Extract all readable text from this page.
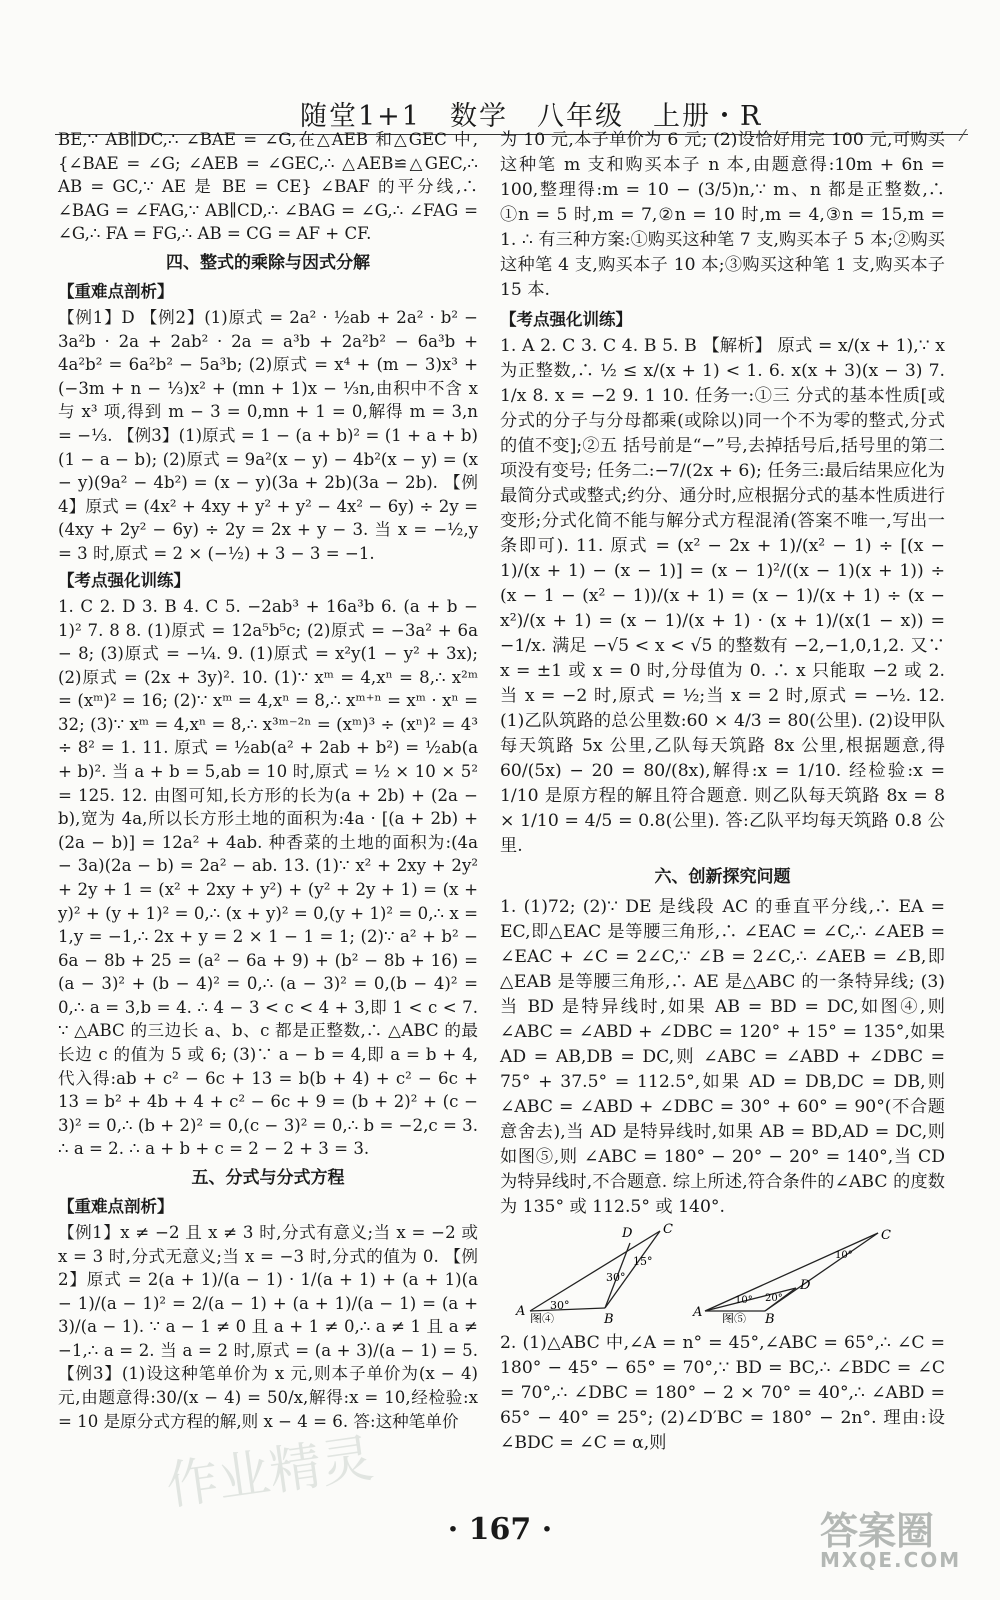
随堂1+1　数学　八年级　上册・R
⁄

BE,∵ AB∥DC,∴ ∠BAE = ∠G,在△AEB 和△GEC 中,{∠BAE = ∠G; ∠AEB = ∠GEC,∴ △AEB≌△GEC,∴ AB = GC,∵ AE 是 BE = CE} ∠BAF 的平分线,∴ ∠BAG = ∠FAG,∵ AB∥CD,∴ ∠BAG = ∠G,∴ ∠FAG = ∠G,∴ FA = FG,∴ AB = CG = AF + CF.

四、整式的乘除与因式分解

【重难点剖析】

【例1】D 【例2】(1)原式 = 2a² · ½ab + 2a² · b² − 3a²b · 2a + 2ab² · 2a = a³b + 2a²b² − 6a³b + 4a²b² = 6a²b² − 5a³b; (2)原式 = x⁴ + (m − 3)x³ + (−3m + n − ⅓)x² + (mn + 1)x − ⅓n,由积中不含 x 与 x³ 项,得到 m − 3 = 0,mn + 1 = 0,解得 m = 3,n = −⅓. 【例3】(1)原式 = 1 − (a + b)² = (1 + a + b)(1 − a − b); (2)原式 = 9a²(x − y) − 4b²(x − y) = (x − y)(9a² − 4b²) = (x − y)(3a + 2b)(3a − 2b). 【例4】原式 = (4x² + 4xy + y² + y² − 4x² − 6y) ÷ 2y = (4xy + 2y² − 6y) ÷ 2y = 2x + y − 3. 当 x = −½,y = 3 时,原式 = 2 × (−½) + 3 − 3 = −1.

【考点强化训练】

1. C 2. D 3. B 4. C 5. −2ab³ + 16a³b 6. (a + b − 1)² 7. 8 8. (1)原式 = 12a⁵b⁵c; (2)原式 = −3a² + 6a − 8; (3)原式 = −¼. 9. (1)原式 = x²y(1 − y² + 3x); (2)原式 = (2x + 3y)². 10. (1)∵ xᵐ = 4,xⁿ = 8,∴ x²ᵐ = (xᵐ)² = 16; (2)∵ xᵐ = 4,xⁿ = 8,∴ xᵐ⁺ⁿ = xᵐ · xⁿ = 32; (3)∵ xᵐ = 4,xⁿ = 8,∴ x³ᵐ⁻²ⁿ = (xᵐ)³ ÷ (xⁿ)² = 4³ ÷ 8² = 1. 11. 原式 = ½ab(a² + 2ab + b²) = ½ab(a + b)². 当 a + b = 5,ab = 10 时,原式 = ½ × 10 × 5² = 125. 12. 由图可知,长方形的长为(a + 2b) + (2a − b),宽为 4a,所以长方形土地的面积为:4a · [(a + 2b) + (2a − b)] = 12a² + 4ab. 种香菜的土地的面积为:(4a − 3a)(2a − b) = 2a² − ab. 13. (1)∵ x² + 2xy + 2y² + 2y + 1 = (x² + 2xy + y²) + (y² + 2y + 1) = (x + y)² + (y + 1)² = 0,∴ (x + y)² = 0,(y + 1)² = 0,∴ x = 1,y = −1,∴ 2x + y = 2 × 1 − 1 = 1; (2)∵ a² + b² − 6a − 8b + 25 = (a² − 6a + 9) + (b² − 8b + 16) = (a − 3)² + (b − 4)² = 0,∴ (a − 3)² = 0,(b − 4)² = 0,∴ a = 3,b = 4. ∴ 4 − 3 < c < 4 + 3,即 1 < c < 7. ∵ △ABC 的三边长 a、b、c 都是正整数,∴ △ABC 的最长边 c 的值为 5 或 6; (3)∵ a − b = 4,即 a = b + 4,代入得:ab + c² − 6c + 13 = b(b + 4) + c² − 6c + 13 = b² + 4b + 4 + c² − 6c + 9 = (b + 2)² + (c − 3)² = 0,∴ (b + 2)² = 0,(c − 3)² = 0,∴ b = −2,c = 3. ∴ a = 2. ∴ a + b + c = 2 − 2 + 3 = 3.

五、分式与分式方程

【重难点剖析】

【例1】x ≠ −2 且 x ≠ 3 时,分式有意义;当 x = −2 或 x = 3 时,分式无意义;当 x = −3 时,分式的值为 0. 【例2】原式 = 2(a + 1)/(a − 1) · 1/(a + 1) + (a + 1)(a − 1)/(a − 1)² = 2/(a − 1) + (a + 1)/(a − 1) = (a + 3)/(a − 1). ∵ a − 1 ≠ 0 且 a + 1 ≠ 0,∴ a ≠ 1 且 a ≠ −1,∴ a = 2. 当 a = 2 时,原式 = (a + 3)/(a − 1) = 5. 【例3】(1)设这种笔单价为 x 元,则本子单价为(x − 4)元,由题意得:30/(x − 4) = 50/x,解得:x = 10,经检验:x = 10 是原分式方程的解,则 x − 4 = 6. 答:这种笔单价

为 10 元,本子单价为 6 元; (2)设恰好用完 100 元,可购买这种笔 m 支和购买本子 n 本,由题意得:10m + 6n = 100,整理得:m = 10 − (3/5)n,∵ m、n 都是正整数,∴ ①n = 5 时,m = 7,②n = 10 时,m = 4,③n = 15,m = 1. ∴ 有三种方案:①购买这种笔 7 支,购买本子 5 本;②购买这种笔 4 支,购买本子 10 本;③购买这种笔 1 支,购买本子 15 本.

【考点强化训练】

1. A 2. C 3. C 4. B 5. B 【解析】 原式 = x/(x + 1),∵ x 为正整数,∴ ½ ≤ x/(x + 1) < 1. 6. x(x + 3)(x − 3) 7. 1/x 8. x = −2 9. 1 10. 任务一:①三 分式的基本性质[或分式的分子与分母都乘(或除以)同一个不为零的整式,分式的值不变];②五 括号前是“−”号,去掉括号后,括号里的第二项没有变号; 任务二:−7/(2x + 6); 任务三:最后结果应化为最简分式或整式;约分、通分时,应根据分式的基本性质进行变形;分式化简不能与解分式方程混淆(答案不唯一,写出一条即可). 11. 原式 = (x² − 2x + 1)/(x² − 1) ÷ [(x − 1)/(x + 1) − (x − 1)] = (x − 1)²/((x − 1)(x + 1)) ÷ (x − 1 − (x² − 1))/(x + 1) = (x − 1)/(x + 1) ÷ (x − x²)/(x + 1) = (x − 1)/(x + 1) · (x + 1)/(x(1 − x)) = −1/x. 满足 −√5 < x < √5 的整数有 −2,−1,0,1,2. 又∵ x = ±1 或 x = 0 时,分母值为 0. ∴ x 只能取 −2 或 2. 当 x = −2 时,原式 = ½;当 x = 2 时,原式 = −½. 12. (1)乙队筑路的总公里数:60 × 4/3 = 80(公里). (2)设甲队每天筑路 5x 公里,乙队每天筑路 8x 公里,根据题意,得 60/(5x) − 20 = 80/(8x),解得:x = 1/10. 经检验:x = 1/10 是原方程的解且符合题意. 则乙队每天筑路 8x = 8 × 1/10 = 4/5 = 0.8(公里). 答:乙队平均每天筑路 0.8 公里.

六、创新探究问题

1. (1)72; (2)∵ DE 是线段 AC 的垂直平分线,∴ EA = EC,即△EAC 是等腰三角形,∴ ∠EAC = ∠C,∴ ∠AEB = ∠EAC + ∠C = 2∠C,∵ ∠B = 2∠C,∴ ∠AEB = ∠B,即△EAB 是等腰三角形,∴ AE 是△ABC 的一条特异线; (3)当 BD 是特异线时,如果 AB = BD = DC,如图④,则 ∠ABC = ∠ABD + ∠DBC = 120° + 15° = 135°,如果 AD = AB,DB = DC,则 ∠ABC = ∠ABD + ∠DBC = 75° + 37.5° = 112.5°,如果 AD = DB,DC = DB,则 ∠ABC = ∠ABD + ∠DBC = 30° + 60° = 90°(不合题意舍去),当 AD 是特异线时,如果 AB = BD,AD = DC,则如图⑤,则 ∠ABC = 180° − 20° − 20° = 140°,当 CD 为特异线时,不合题意. 综上所述,符合条件的∠ABC 的度数为 135° 或 112.5° 或 140°.

2. (1)△ABC 中,∠A = n° = 45°,∠ABC = 65°,∴ ∠C = 180° − 45° − 65° = 70°,∵ BD = BC,∴ ∠BDC = ∠C = 70°,∴ ∠DBC = 180° − 2 × 70° = 40°,∴ ∠ABD = 65° − 40° = 25°; (2)∠D′BC = 180° − 2n°. 理由:设∠BDC = ∠C = α,则

A
B
C
D
30°
30°
15°
图④	A	B
C
D
10° 20°
10°
图⑤
· 167 ·
作业精灵
答案圈
MXQE.COM
